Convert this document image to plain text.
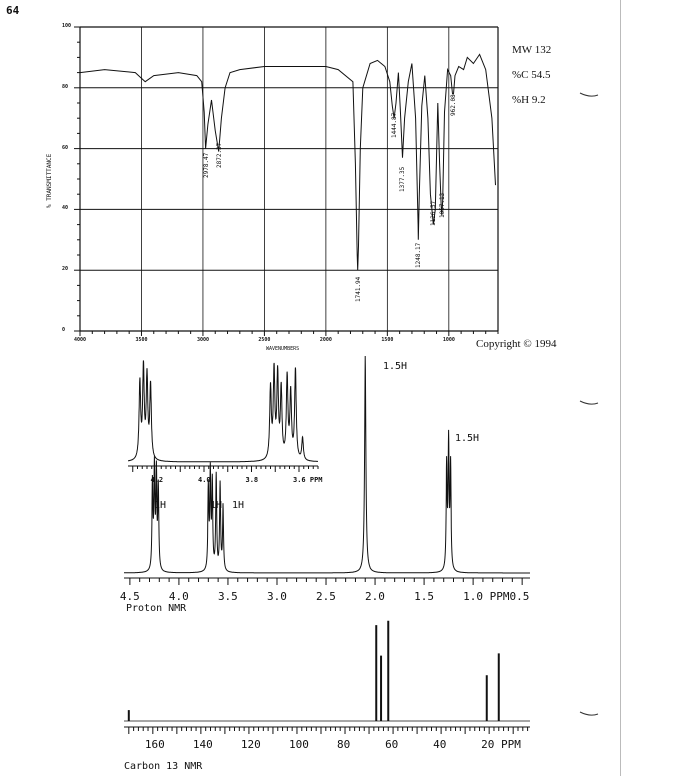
64
% TRANSMITTANCE
100
80
60
40
20
0
4000	3500	3000	2500	2000	1500	1000
WAVENUMBERS
2978.47 2872.37
1741.94
1444.87
1377.35
1248.17
1126.57 1057.13
962.08
MW 132
%C 54.5
%H 9.2
Copyright © 1994
4.5	4.0	3.5	3.0	2.5	2.0	1.5	1.0 PPM0.5
4.2	4.0	3.8	3.6 PPM
Proton NMR
1.5H
1.5H
1H	1H 1H
160	140	120	100	80	60	40	20 PPM
Carbon 13 NMR
